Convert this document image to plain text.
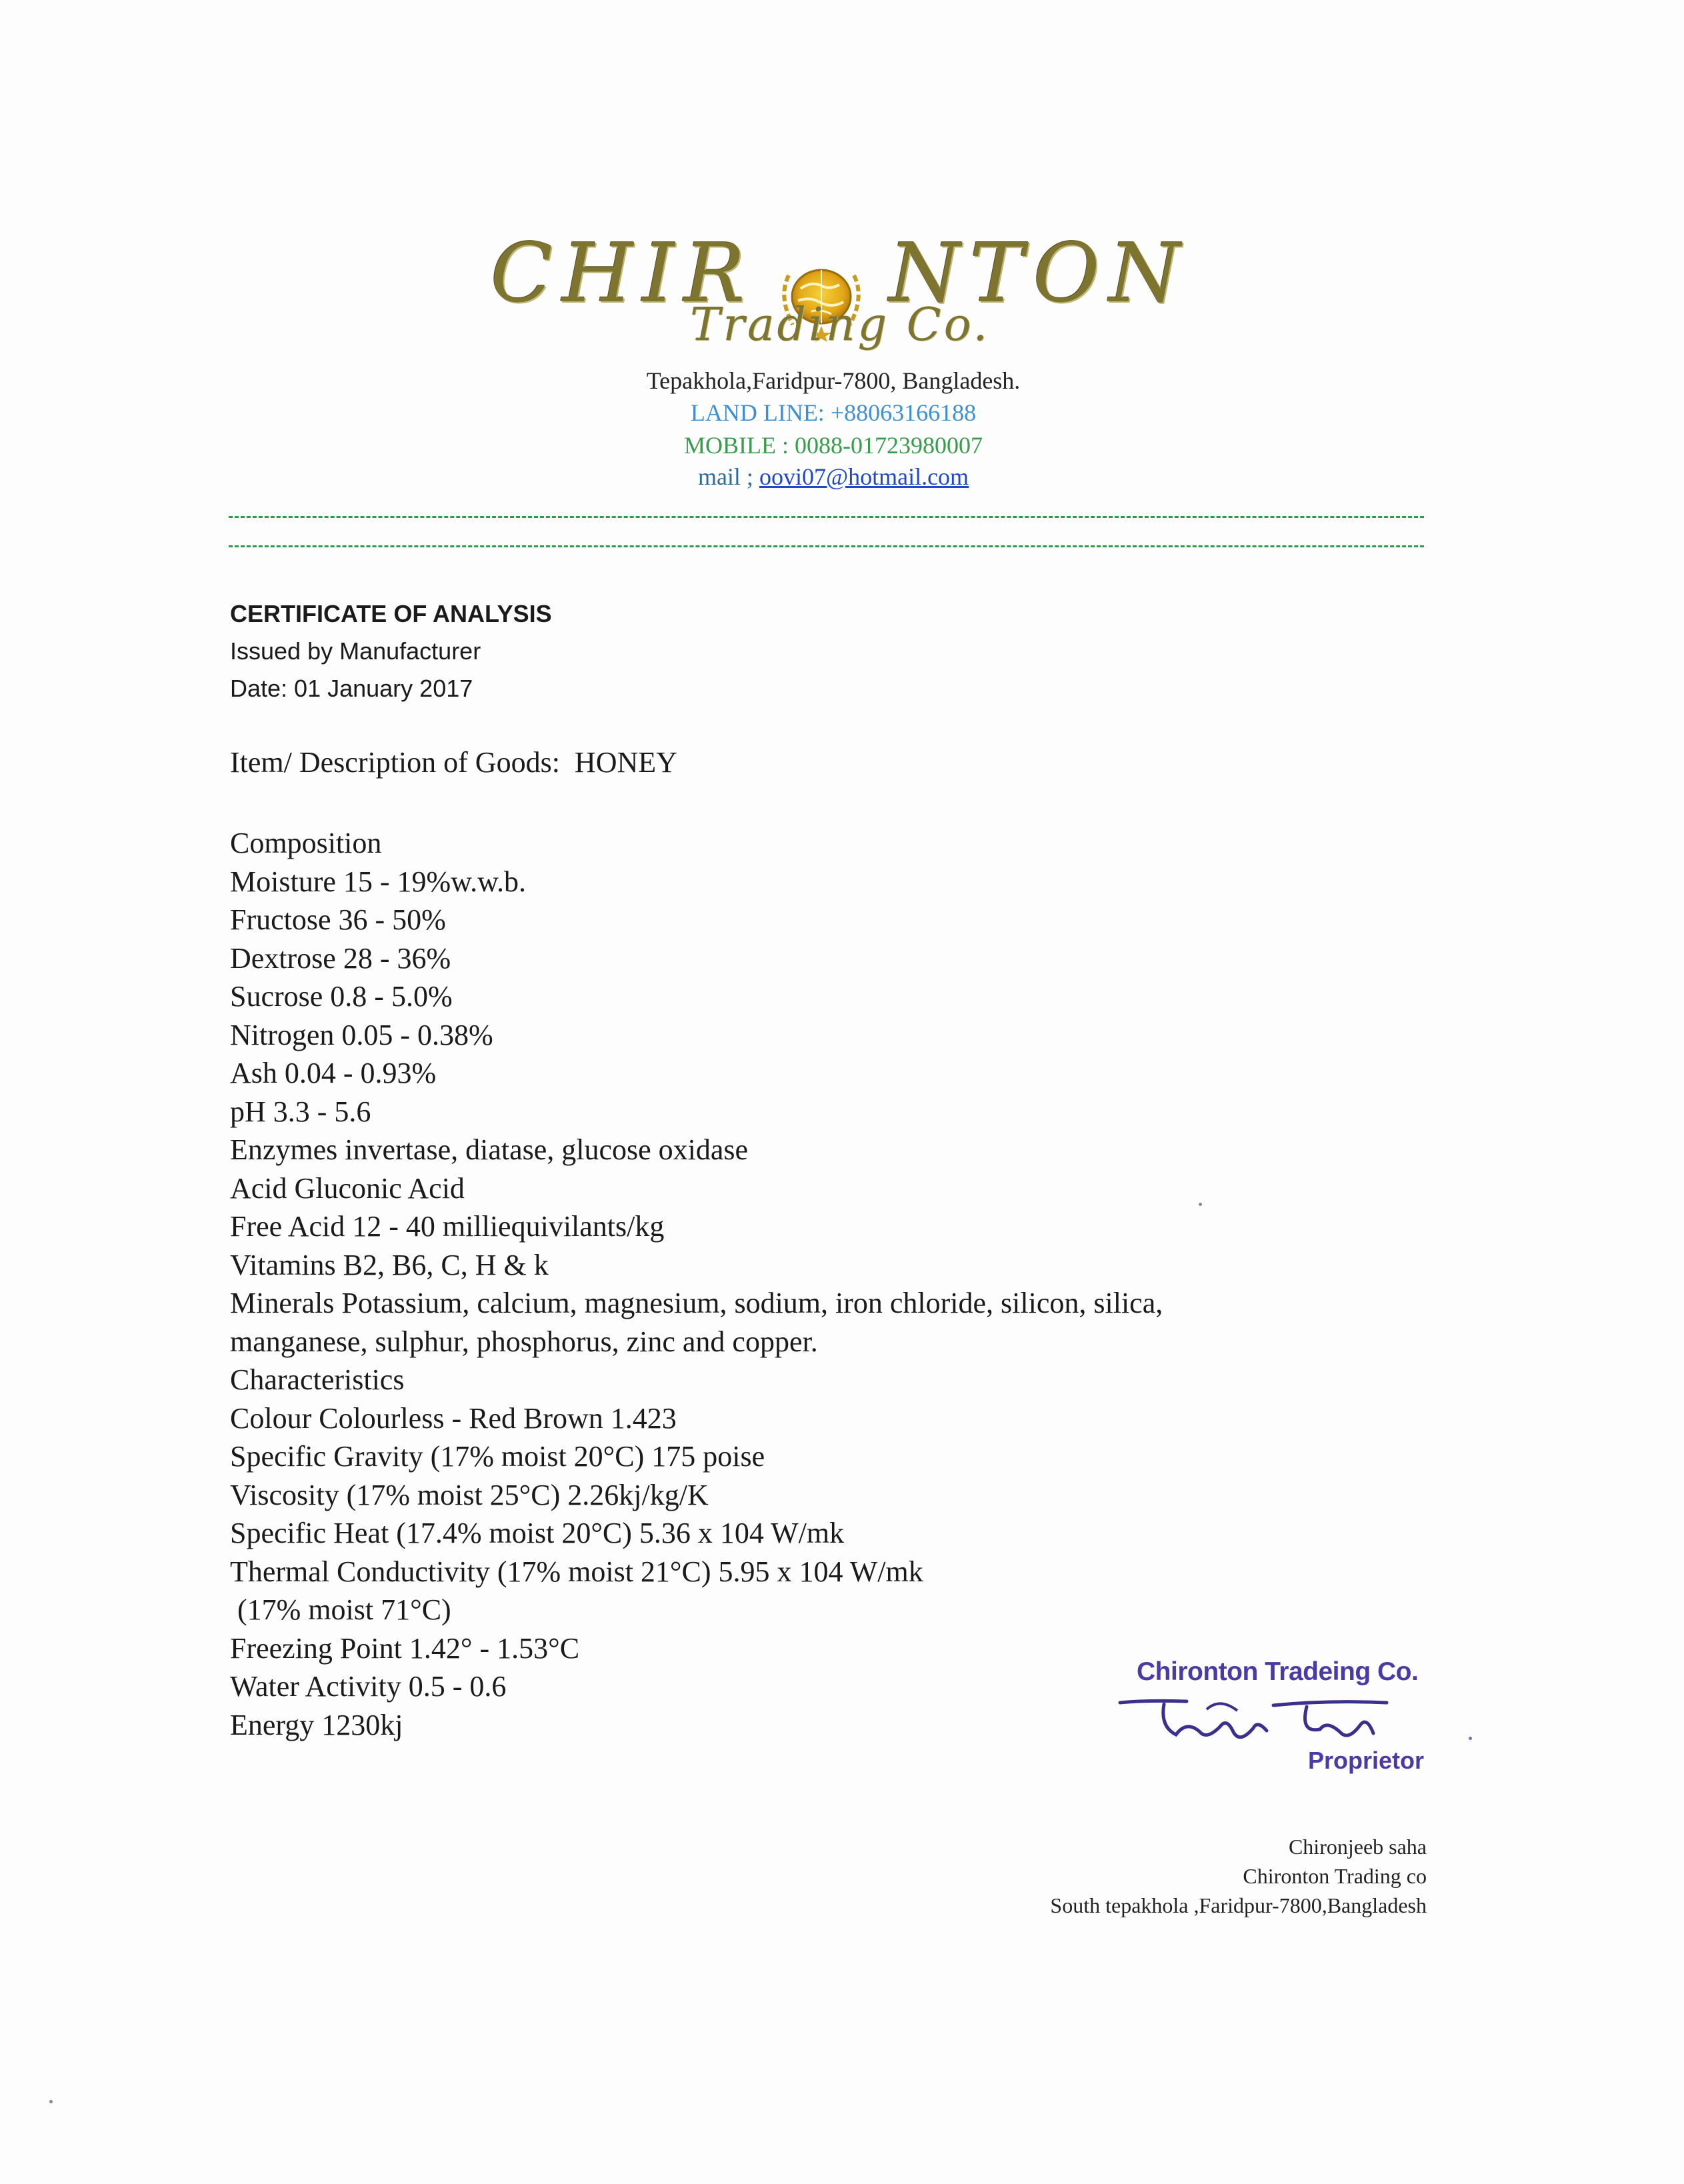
CHIR NTON
Trading Co.
Tepakhola,Faridpur-7800, Bangladesh.
LAND LINE: +88063166188
MOBILE : 0088-01723980007
mail ; oovi07@hotmail.com
CERTIFICATE OF ANALYSIS
Issued by Manufacturer
Date: 01 January 2017
Item/ Description of Goods: HONEY
Composition
Moisture 15 - 19%w.w.b.
Fructose 36 - 50%
Dextrose 28 - 36%
Sucrose 0.8 - 5.0%
Nitrogen 0.05 - 0.38%
Ash 0.04 - 0.93%
pH 3.3 - 5.6
Enzymes invertase, diatase, glucose oxidase
Acid Gluconic Acid
Free Acid 12 - 40 milliequivilants/kg
Vitamins B2, B6, C, H & k
Minerals Potassium, calcium, magnesium, sodium, iron chloride, silicon, silica,
manganese, sulphur, phosphorus, zinc and copper.
Characteristics
Colour Colourless - Red Brown 1.423
Specific Gravity (17% moist 20°C) 175 poise
Viscosity (17% moist 25°C) 2.26kj/kg/K
Specific Heat (17.4% moist 20°C) 5.36 x 104 W/mk
Thermal Conductivity (17% moist 21°C) 5.95 x 104 W/mk
(17% moist 71°C)
Freezing Point 1.42° - 1.53°C
Water Activity 0.5 - 0.6
Energy 1230kj
Chironton Tradeing Co.
Proprietor
Chironjeeb saha
Chironton Trading co
South tepakhola ,Faridpur-7800,Bangladesh
